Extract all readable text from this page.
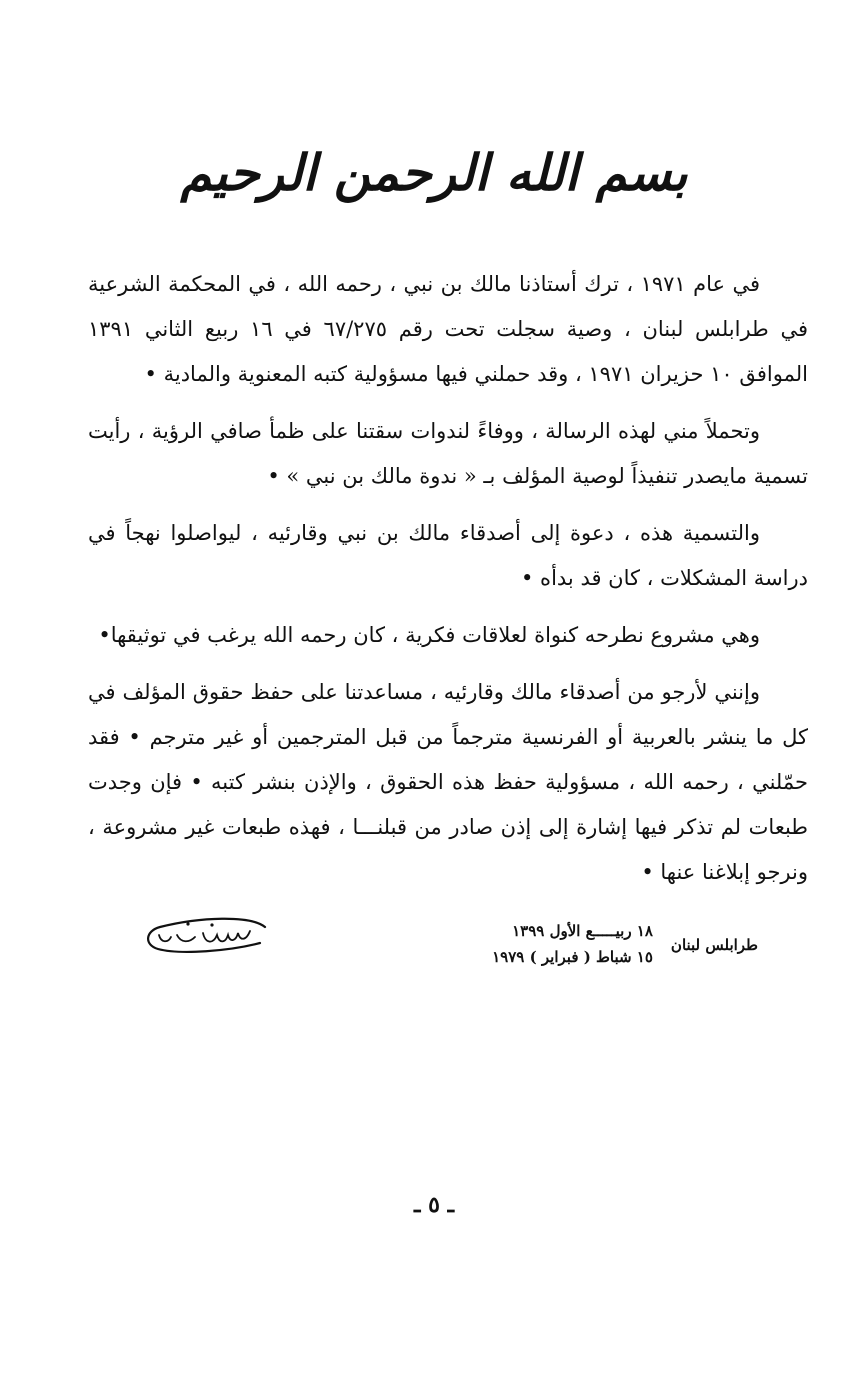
بسم الله الرحمن الرحيم

في عام ١٩٧١ ، ترك أستاذنا مالك بن نبي ، رحمه الله ، في المحكمة الشرعية في طرابلس لبنان ، وصية سجلت تحت رقم ٦٧/٢٧٥ في ١٦ ربيع الثاني ١٣٩١ الموافق ١٠ حزيران ١٩٧١ ، وقد حملني فيها مسؤولية كتبه المعنوية والمادية •

وتحملاً مني لهذه الرسالة ، ووفاءً لندوات سقتنا على ظمأ صافي الرؤية ، رأيت تسمية مايصدر تنفيذاً لوصية المؤلف بـ « ندوة مالك بن نبي » •

والتسمية هذه ، دعوة إلى أصدقاء مالك بن نبي وقارئيه ، ليواصلوا نهجاً في دراسة المشكلات ، كان قد بدأه •

وهي مشروع نطرحه كنواة لعلاقات فكرية ، كان رحمه الله يرغب في توثيقها•

وإنني لأرجو من أصدقاء مالك وقارئيه ، مساعدتنا على حفظ حقوق المؤلف في كل ما ينشر بالعربية أو الفرنسية مترجماً من قبل المترجمين أو غير مترجم • فقد حمّلني ، رحمه الله ، مسؤولية حفظ هذه الحقوق ، والإذن بنشر كتبه • فإن وجدت طبعات لم تذكر فيها إشارة إلى إذن صادر من قبلنـــا ، فهذه طبعات غير مشروعة ، ونرجو إبلاغنا عنها •

طرابلس لبنان
١٨ ربيـــــع الأول ١٣٩٩
١٥ شباط ( فبراير ) ١٩٧٩
ـ ٥ ـ
